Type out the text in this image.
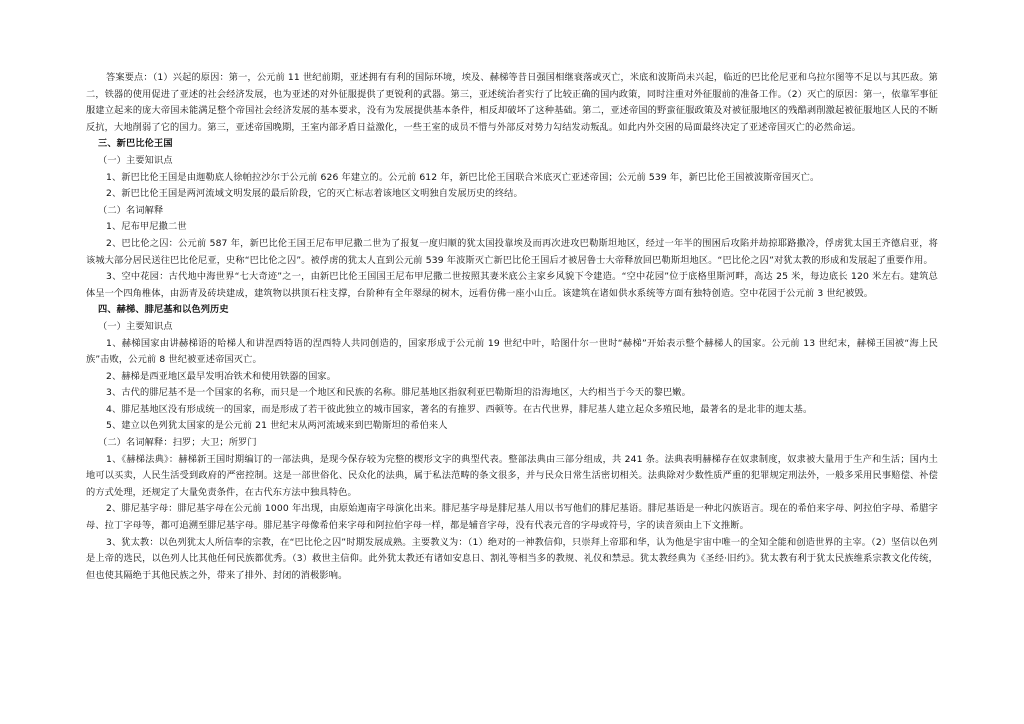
答案要点：（1）兴起的原因：第一，公元前 11 世纪前期，亚述拥有有利的国际环境，埃及、赫梯等昔日强国相继衰落或灭亡，米底和波斯尚未兴起，临近的巴比伦尼亚和乌拉尔图等不足以与其匹敌。第二，铁器的使用促进了亚述的社会经济发展，也为亚述的对外征服提供了更锐利的武器。第三，亚述统治者实行了比较正确的国内政策，同时注重对外征服前的准备工作。（2）灭亡的原因：第一，依靠军事征服建立起来的庞大帝国未能满足整个帝国社会经济发展的基本要求，没有为发展提供基本条件，相反却破坏了这种基础。第二，亚述帝国的野蛮征服政策及对被征服地区的残酷剥削激起被征服地区人民的不断反抗，大地削弱了它的国力。第三，亚述帝国晚期，王室内部矛盾日益激化，一些王室的成员不惜与外部反对势力勾结发动叛乱。如此内外交困的局面最终决定了亚述帝国灭亡的必然命运。

三、新巴比伦王国

（一）主要知识点

1、新巴比伦王国是由迦勒底人徐帕拉沙尔于公元前 626 年建立的。公元前 612 年，新巴比伦王国联合米底灭亡亚述帝国；公元前 539 年，新巴比伦王国被波斯帝国灭亡。

2、新巴比伦王国是两河流域文明发展的最后阶段，它的灭亡标志着该地区文明独自发展历史的终结。

（二）名词解释

1、尼布甲尼撒二世

2、巴比伦之囚：公元前 587 年，新巴比伦王国王尼布甲尼撒二世为了报复一度归顺的犹太国投靠埃及而再次进攻巴勒斯坦地区，经过一年半的围困后攻陷并劫掠耶路撒冷，俘虏犹太国王齐德启亚，将该城大部分居民送往巴比伦尼亚，史称“巴比伦之囚”。被俘虏的犹太人直到公元前 539 年波斯灭亡新巴比伦王国后才被居鲁士大帝释放回巴勒斯坦地区。“巴比伦之囚”对犹太教的形成和发展起了重要作用。

3、空中花园：古代地中海世界“七大奇迹”之一，由新巴比伦王国国王尼布甲尼撒二世按照其妻米底公主家乡风貌下令建造。“空中花园”位于底格里斯河畔，高达 25 米，每边底长 120 米左右。建筑总体呈一个四角椎体，由沥青及砖块建成，建筑物以拱顶石柱支撑，台阶种有全年翠绿的树木，远看仿佛一座小山丘。该建筑在诸如供水系统等方面有独特创造。空中花园于公元前 3 世纪被毁。

四、赫梯、腓尼基和以色列历史

（一）主要知识点

1、赫梯国家由讲赫梯语的哈梯人和讲涅西特语的涅西特人共同创造的，国家形成于公元前 19 世纪中叶，哈图什尔一世时“赫梯”开始表示整个赫梯人的国家。公元前 13 世纪末，赫梯王国被“海上民族”击败，公元前 8 世纪被亚述帝国灭亡。

2、赫梯是西亚地区最早发明冶铁术和使用铁器的国家。

3、古代的腓尼基不是一个国家的名称，而只是一个地区和民族的名称。腓尼基地区指叙利亚巴勒斯坦的沿海地区，大约相当于今天的黎巴嫩。

4、腓尼基地区没有形成统一的国家，而是形成了若干彼此独立的城市国家，著名的有推罗、西顿等。在古代世界，腓尼基人建立起众多殖民地，最著名的是北非的迦太基。

5、建立以色列犹太国家的是公元前 21 世纪末从两河流域来到巴勒斯坦的希伯来人

（二）名词解释：扫罗；大卫；所罗门

1、《赫梯法典》：赫梯新王国时期编订的一部法典，是现今保存较为完整的楔形文字的典型代表。整部法典由三部分组成，共 241 条。法典表明赫梯存在奴隶制度，奴隶被大量用于生产和生活；国内土地可以买卖，人民生活受到政府的严密控制。这是一部世俗化、民众化的法典，属于私法范畴的条文很多，并与民众日常生活密切相关。法典除对少数性质严重的犯罪规定刑法外，一般多采用民事赔偿、补偿的方式处理，还规定了大量免责条件，在古代东方法中独具特色。

2、腓尼基字母：腓尼基字母在公元前 1000 年出现，由原始迦南字母演化出来。腓尼基字母是腓尼基人用以书写他们的腓尼基语。腓尼基语是一种北闪族语言。现在的希伯来字母、阿拉伯字母、希腊字母、拉丁字母等，都可追溯至腓尼基字母。腓尼基字母像希伯来字母和阿拉伯字母一样，都是辅音字母，没有代表元音的字母或符号，字的读音须由上下文推断。

3、犹太教：以色列犹太人所信奉的宗教，在“巴比伦之囚”时期发展成熟。主要教义为：（1）绝对的一神教信仰，只崇拜上帝耶和华，认为他是宇宙中唯一的全知全能和创造世界的主宰。（2）坚信以色列是上帝的选民，以色列人比其他任何民族都优秀。（3）救世主信仰。此外犹太教还有诸如安息日、割礼等相当多的教规、礼仪和禁忌。犹太教经典为《圣经·旧约》。犹太教有利于犹太民族维系宗教文化传统，但也使其隔绝于其他民族之外，带来了排外、封闭的消极影响。
